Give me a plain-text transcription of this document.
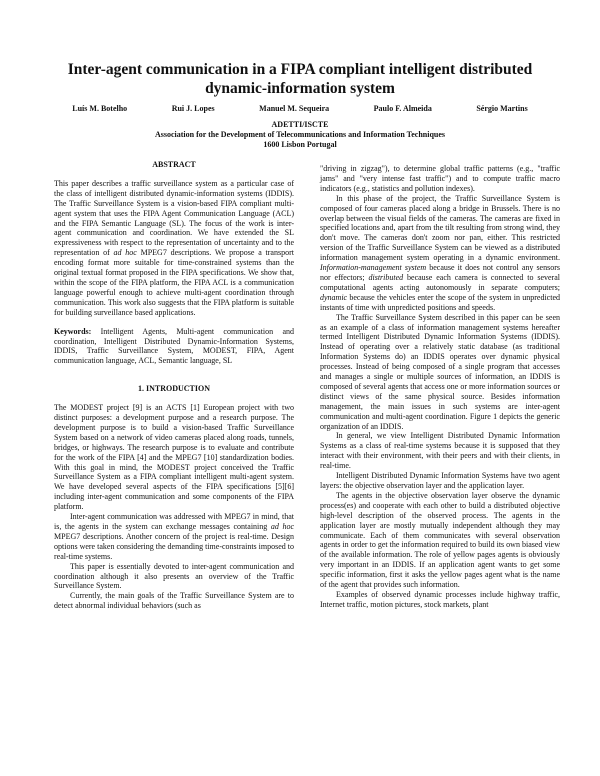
Inter-agent communication in a FIPA compliant intelligent distributed dynamic-information system
Luís M. Botelho	Rui J. Lopes	Manuel M. Sequeira	Paulo F. Almeida	Sérgio Martins
ADETTI/ISCTE
Association for the Development of Telecommunications and Information Techniques
1600 Lisbon Portugal
ABSTRACT

This paper describes a traffic surveillance system as a particular case of the class of intelligent distributed dynamic-information systems (IDDIS). The Traffic Surveillance System is a vision-based FIPA compliant multi-agent system that uses the FIPA Agent Communication Language (ACL) and the FIPA Semantic Language (SL). The focus of the work is inter-agent communication and coordination. We have extended the SL expressiveness with respect to the representation of uncertainty and to the representation of ad hoc MPEG7 descriptions. We propose a transport encoding format more suitable for time-constrained systems than the original textual format proposed in the FIPA specifications. We show that, within the scope of the FIPA platform, the FIPA ACL is a communication language powerful enough to achieve multi-agent coordination through communication. This work also suggests that the FIPA platform is suitable for building surveillance based applications.

Keywords: Intelligent Agents, Multi-agent communication and coordination, Intelligent Distributed Dynamic-Information Systems, IDDIS, Traffic Surveillance System, MODEST, FIPA, Agent communication language, ACL, Semantic language, SL

1. INTRODUCTION

The MODEST project [9] is an ACTS [1] European project with two distinct purposes: a development purpose and a research purpose. The development purpose is to build a vision-based Traffic Surveillance System based on a network of video cameras placed along roads, tunnels, bridges, or highways. The research purpose is to evaluate and contribute for the work of the FIPA [4] and the MPEG7 [10] standardization bodies. With this goal in mind, the MODEST project conceived the Traffic Surveillance System as a FIPA compliant intelligent multi-agent system. We have developed several aspects of the FIPA specifications [5][6] including inter-agent communication and some components of the FIPA platform.

Inter-agent communication was addressed with MPEG7 in mind, that is, the agents in the system can exchange messages containing ad hoc MPEG7 descriptions. Another concern of the project is real-time. Design options were taken considering the demanding time-constraints imposed to real-time systems.

This paper is essentially devoted to inter-agent communication and coordination although it also presents an overview of the Traffic Surveillance System.

Currently, the main goals of the Traffic Surveillance System are to detect abnormal individual behaviors (such as

"driving in zigzag"), to determine global traffic patterns (e.g., "traffic jams" and "very intense fast traffic") and to compute traffic macro indicators (e.g., statistics and pollution indexes).

In this phase of the project, the Traffic Surveillance System is composed of four cameras placed along a bridge in Brussels. There is no overlap between the visual fields of the cameras. The cameras are fixed in specified locations and, apart from the tilt resulting from strong wind, they don't move. The cameras don't zoom nor pan, either. This restricted version of the Traffic Surveillance System can be viewed as a distributed information management system operating in a dynamic environment. Information-management system because it does not control any sensors nor effectors; distributed because each camera is connected to several computational agents acting autonomously in separate computers; dynamic because the vehicles enter the scope of the system in unpredicted instants of time with unpredicted positions and speeds.

The Traffic Surveillance System described in this paper can be seen as an example of a class of information management systems hereafter termed Intelligent Distributed Dynamic Information Systems (IDDIS). Instead of operating over a relatively static database (as traditional Information Systems do) an IDDIS operates over dynamic physical processes. Instead of being composed of a single program that accesses and manages a single or multiple sources of information, an IDDIS is composed of several agents that access one or more information sources or distinct views of the same physical source. Besides information management, the main issues in such systems are inter-agent communication and multi-agent coordination. Figure 1 depicts the generic organization of an IDDIS.

In general, we view Intelligent Distributed Dynamic Information Systems as a class of real-time systems because it is supposed that they interact with their environment, with their peers and with their clients, in real-time.

Intelligent Distributed Dynamic Information Systems have two agent layers: the objective observation layer and the application layer.

The agents in the objective observation layer observe the dynamic process(es) and cooperate with each other to build a distributed objective high-level description of the observed process. The agents in the application layer are mostly mutually independent although they may communicate. Each of them communicates with several observation agents in order to get the information required to build its own biased view of the available information. The role of yellow pages agents is obviously very important in an IDDIS. If an application agent wants to get some specific information, first it asks the yellow pages agent what is the name of the agent that provides such information.

Examples of observed dynamic processes include highway traffic, Internet traffic, motion pictures, stock markets, plant
